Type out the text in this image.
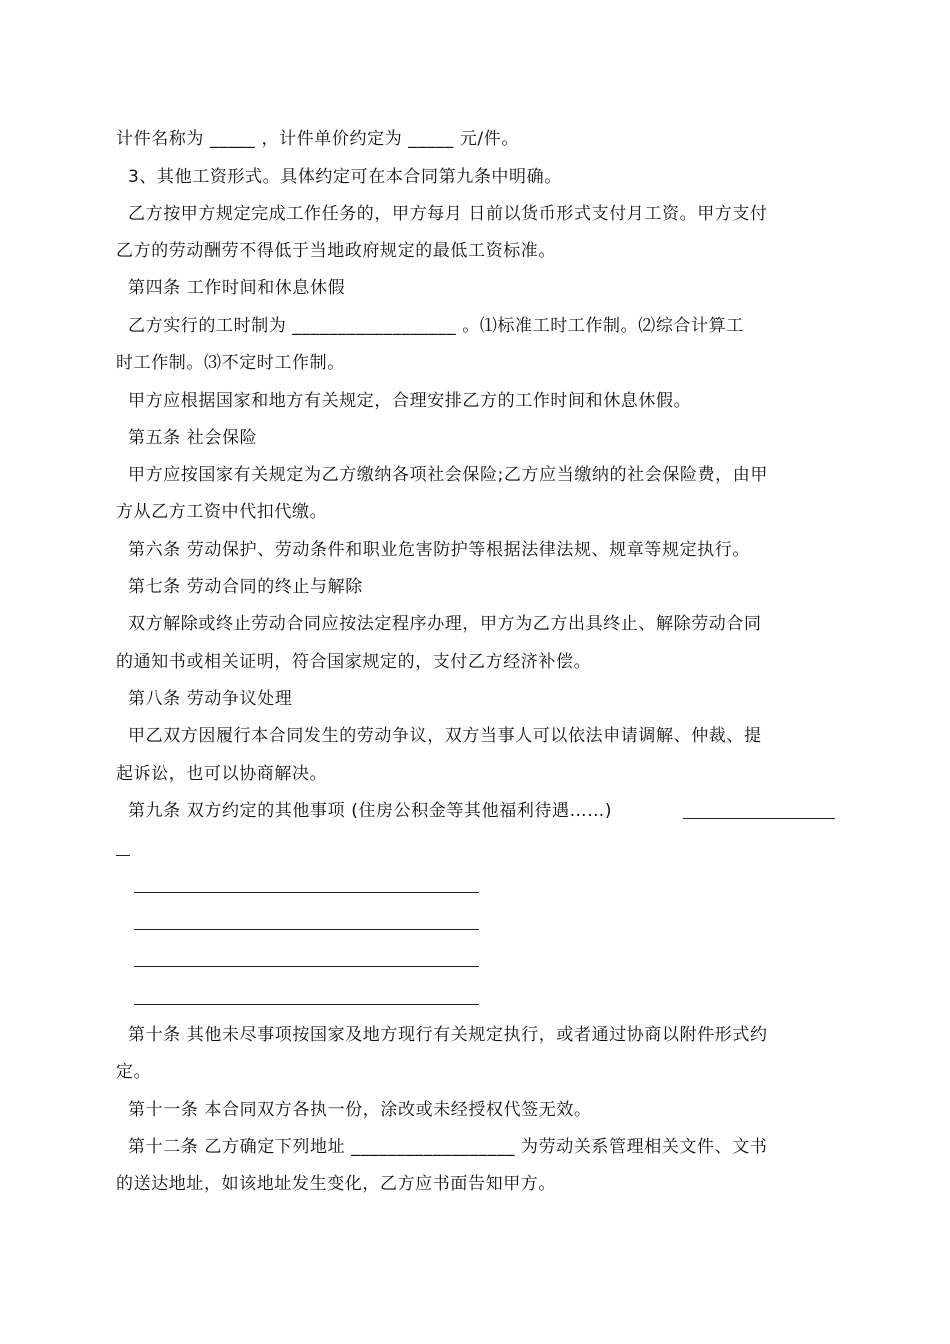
计件名称为 _____ ，计件单价约定为 _____ 元/件。
3、其他工资形式。具体约定可在本合同第九条中明确。
乙方按甲方规定完成工作任务的，甲方每月 日前以货币形式支付月工资。甲方支付
乙方的劳动酬劳不得低于当地政府规定的最低工资标准。
第四条 工作时间和休息休假
乙方实行的工时制为 __________________ 。⑴标准工时工作制。⑵综合计算工
时工作制。⑶不定时工作制。
甲方应根据国家和地方有关规定，合理安排乙方的工作时间和休息休假。
第五条 社会保险
甲方应按国家有关规定为乙方缴纳各项社会保险;乙方应当缴纳的社会保险费，由甲
方从乙方工资中代扣代缴。
第六条 劳动保护、劳动条件和职业危害防护等根据法律法规、规章等规定执行。
第七条 劳动合同的终止与解除
双方解除或终止劳动合同应按法定程序办理，甲方为乙方出具终止、解除劳动合同
的通知书或相关证明，符合国家规定的，支付乙方经济补偿。
第八条 劳动争议处理
甲乙双方因履行本合同发生的劳动争议，双方当事人可以依法申请调解、仲裁、提
起诉讼，也可以协商解决。
第九条 双方约定的其他事项 (住房公积金等其他福利待遇……)
第十条 其他未尽事项按国家及地方现行有关规定执行，或者通过协商以附件形式约
定。
第十一条 本合同双方各执一份，涂改或未经授权代签无效。
第十二条 乙方确定下列地址 __________________ 为劳动关系管理相关文件、文书
的送达地址，如该地址发生变化，乙方应书面告知甲方。
